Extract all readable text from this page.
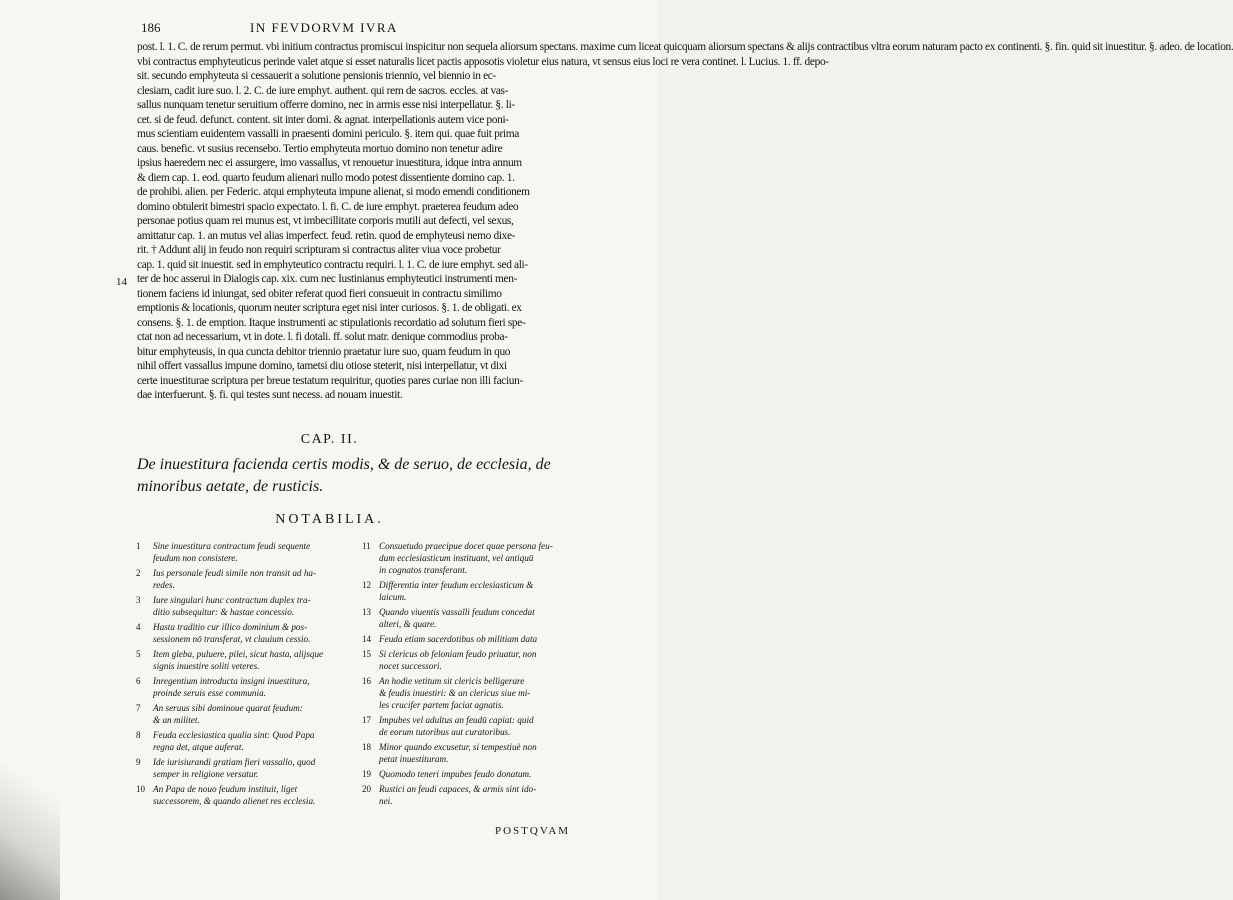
186	IN FEVDORVM IVRA
post. l. 1. C. de rerum permut. vbi initium contractus promiscui inspicitur non sequela aliorsum spectans. maxime cum liceat quicquam aliorsum spectans & alijs contractibus vltra eorum naturam pacto ex continenti. §. fin. quid sit inuestitur. §. adeo. de location.
vbi contractus emphyteuticus perinde valet atque si esset naturalis licet pactis apposotis violetur eius natura, vt sensus eius loci re vera continet. l. Lucius. 1. ff. depo-
sit. secundo emphyteuta si cessauerit a solutione pensionis triennio, vel biennio in ec-
clesiam, cadit iure suo. l. 2. C. de iure emphyt. authent. qui rem de sacros. eccles. at vas-
sallus nunquam tenetur seruitium offerre domino, nec in armis esse nisi interpellatur. §. li-
cet. si de feud. defunct. content. sit inter domi. & agnat. interpellationis autem vice poni-
mus scientiam euidentem vassalli in praesenti domini periculo. §. item qui. quae fuit prima
caus. benefic. vt susius recensebo. Tertio emphyteuta mortuo domino non tenetur adire
ipsius haeredem nec ei assurgere, imo vassallus, vt renouetur inuestitura, idque intra annum
& diem cap. 1. eod. quarto feudum alienari nullo modo potest dissentiente domino cap. 1.
de prohibi. alien. per Federic. atqui emphyteuta impune alienat, si modo emendi conditionem
domino obtulerit bimestri spacio expectato. l. fi. C. de iure emphyt. praeterea feudum adeo
personae potius quam rei munus est, vt imbecillitate corporis mutili aut defecti, vel sexus,
amittatur cap. 1. an mutus vel alias imperfect. feud. retin. quod de emphyteusi nemo dixe-
rit. † Addunt alij in feudo non requiri scripturam si contractus aliter viua voce probetur
cap. 1. quid sit inuestit. sed in emphyteutico contractu requiri. l. 1. C. de iure emphyt. sed ali-
ter de hoc asserui in Dialogis cap. xix. cum nec Iustinianus emphyteutici instrumenti men-
tionem faciens id iniungat, sed obiter referat quod fieri consueuit in contractu similimo
emptionis & locationis, quorum neuter scriptura eget nisi inter curiosos. §. 1. de obligati. ex
consens. §. 1. de emption. Itaque instrumenti ac stipulationis recordatio ad solutum fieri spe-
ctat non ad necessarium, vt in dote. l. fi dotali. ff. solut matr. denique commodius proba-
bitur emphyteusis, in qua cuncta debitor triennio praetatur iure suo, quam feudum in quo
nihil offert vassallus impune domino, tametsi diu otiose steterit, nisi interpellatur, vt dixi
certe inuestiturae scriptura per breue testatum requiritur, quoties pares curiae non illi faciun-
dae interfuerunt. §. fi. qui testes sunt necess. ad nouam inuestit.
14
CAP. II.

De inuestitura facienda certis modis, & de seruo, de ecclesia, de minoribus aetate, de rusticis.

NOTABILIA.
1 Sine inuestitura contractum feudi sequente
feudum non consistere.
2 Ius personale feudi simile non transit ad ha-
redes.
3 Iure singulari hunc contractum duplex tra-
ditio subsequitur: & hastae concessio.
4 Hasta traditio cur illico dominium & pos-
sessionem nō transferat, vt clauium cessio.
5 Item gleba, puluere, pilei, sicut hasta, alijsque
signis inuestire soliti veteres.
6 Inregentium introducta insigni inuestitura,
proinde seruis esse communia.
7 An seruus sibi dominoue quarat feudum:
& an militet.
8 Feuda ecclesiastica qualia sint: Quod Papa
regna det, atque auferat.
9 Ide iurisiurandi gratiam fieri vassallo, quod
semper in religione versatur.
10 An Papa de nouo feudum instituit, liget
successorem, & quando alienet res ecclesia.
11 Consuetudo praecipue docet quae persona feu-
dum ecclesiasticum instituant, vel antiquū
in cognatos transferant.
12 Differentia inter feudum ecclesiasticum &
laicum.
13 Quando viuentis vassalli feudum concedat
alteri, & quare.
14 Feuda etiam sacerdotibus ob militiam data
15 Si clericus ob feloniam feudo priuatur, non
nocet successori.
16 An hodie vetitum sit clericis belligerare
& feudis inuestiri: & an clericus siue mi-
les crucifer partem faciat agnatis.
17 Impubes vel adultus an feudū capiat: quid
de eorum tutoribus aut curatoribus.
18 Minor quando excusetur, si tempestiuè non
petat inuestituram.
19 Quomodo teneri impubes feudo donatum.
20 Rustici an feudi capaces, & armis sint ido-
nei.
POSTQVAM
